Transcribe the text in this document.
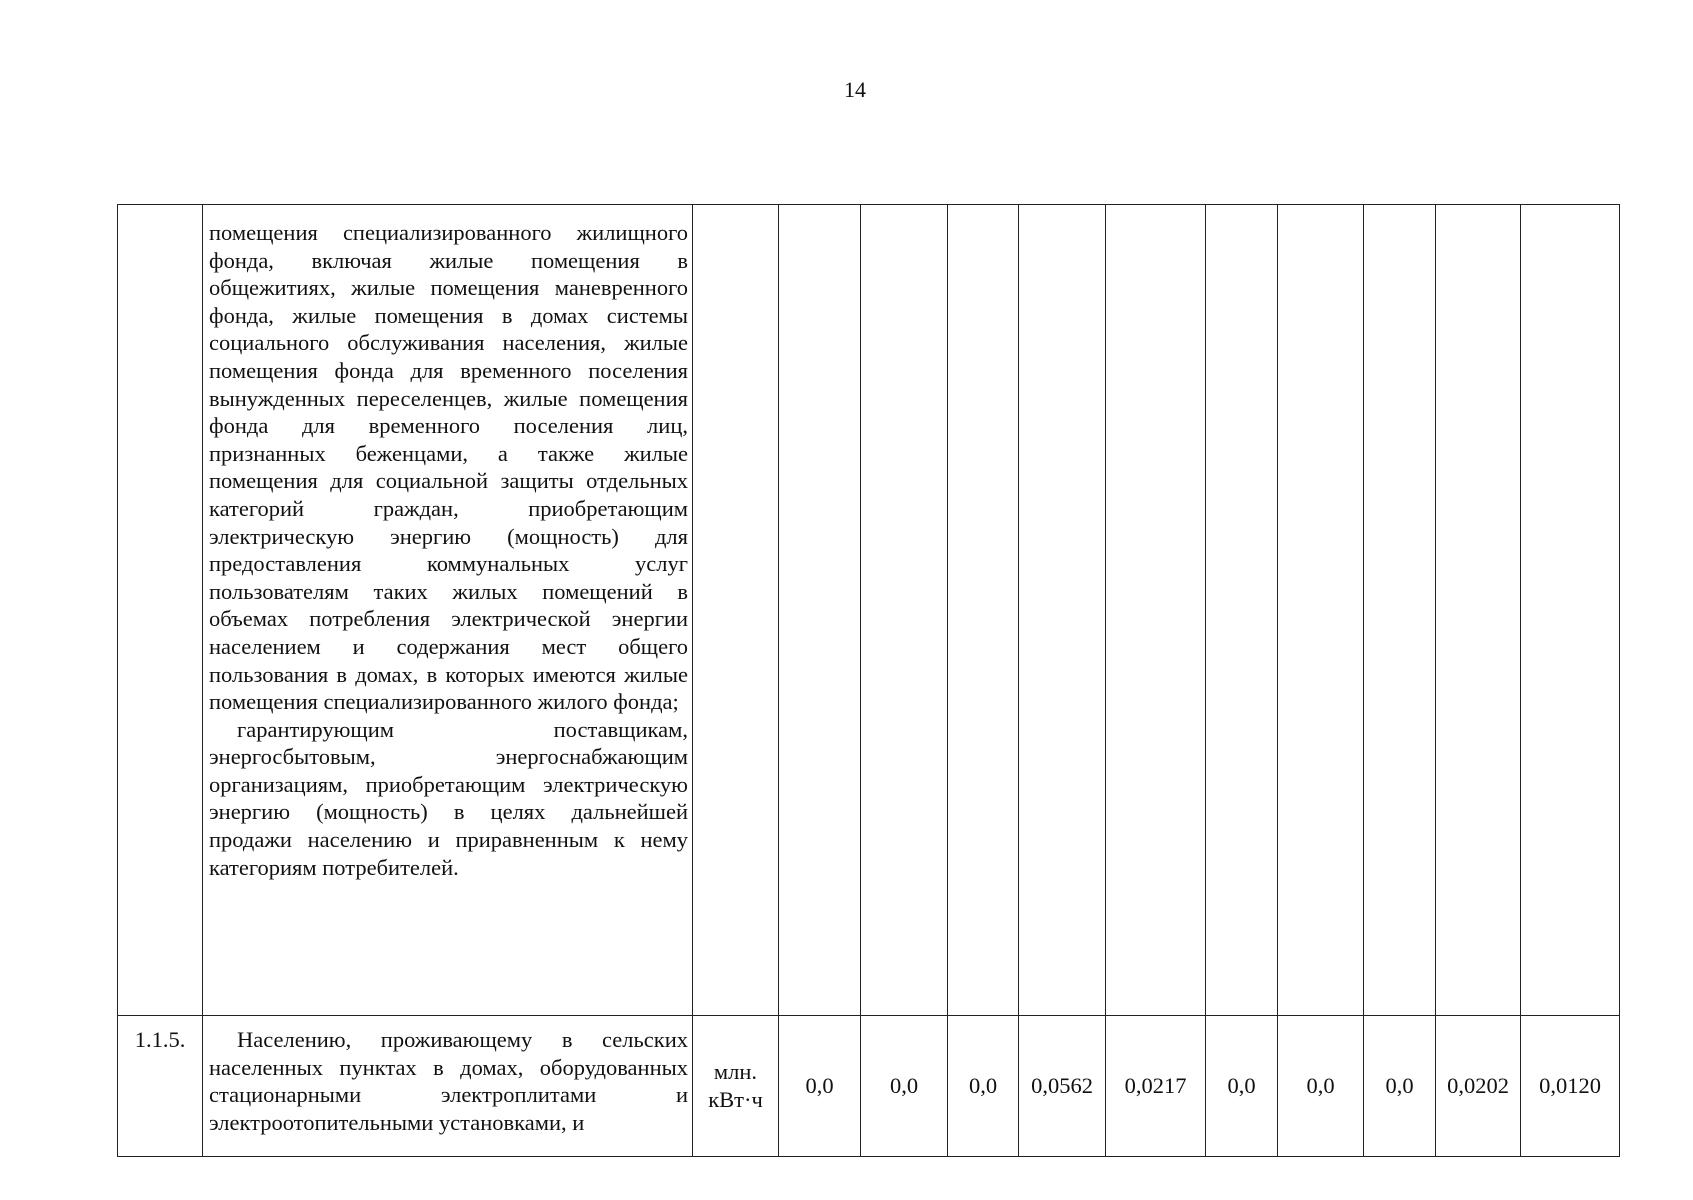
14

	помещения специализированного жилищного фонда, включая жилые помещения в общежитиях, жилые помещения маневренного фонда, жилые помещения в домах системы социального обслуживания населения, жилые помещения фонда для временного поселения вынужденных переселенцев, жилые помещения фонда для временного поселения лиц, признанных беженцами, а также жилые помещения для социальной защиты отдельных категорий граждан, приобретающим электрическую энергию (мощность) для предоставления коммунальных услуг пользователям таких жилых помещений в объемах потребления электрической энергии населением и содержания мест общего пользования в домах, в которых имеются жилые помещения специализированного жилого фонда;

гарантирующим поставщикам, энергосбытовым, энергоснабжающим организациям, приобретающим электрическую энергию (мощность) в целях дальнейшей продажи населению и приравненным к нему категориям потребителей.											

1.1.5.	Населению, проживающему в сельских населенных пунктах в домах, оборудованных стационарными электроплитами и электроотопительными установками, и	млн.
кВт·ч	0,0	0,0	0,0	0,0562	0,0217	0,0	0,0	0,0	0,0202	0,0120
